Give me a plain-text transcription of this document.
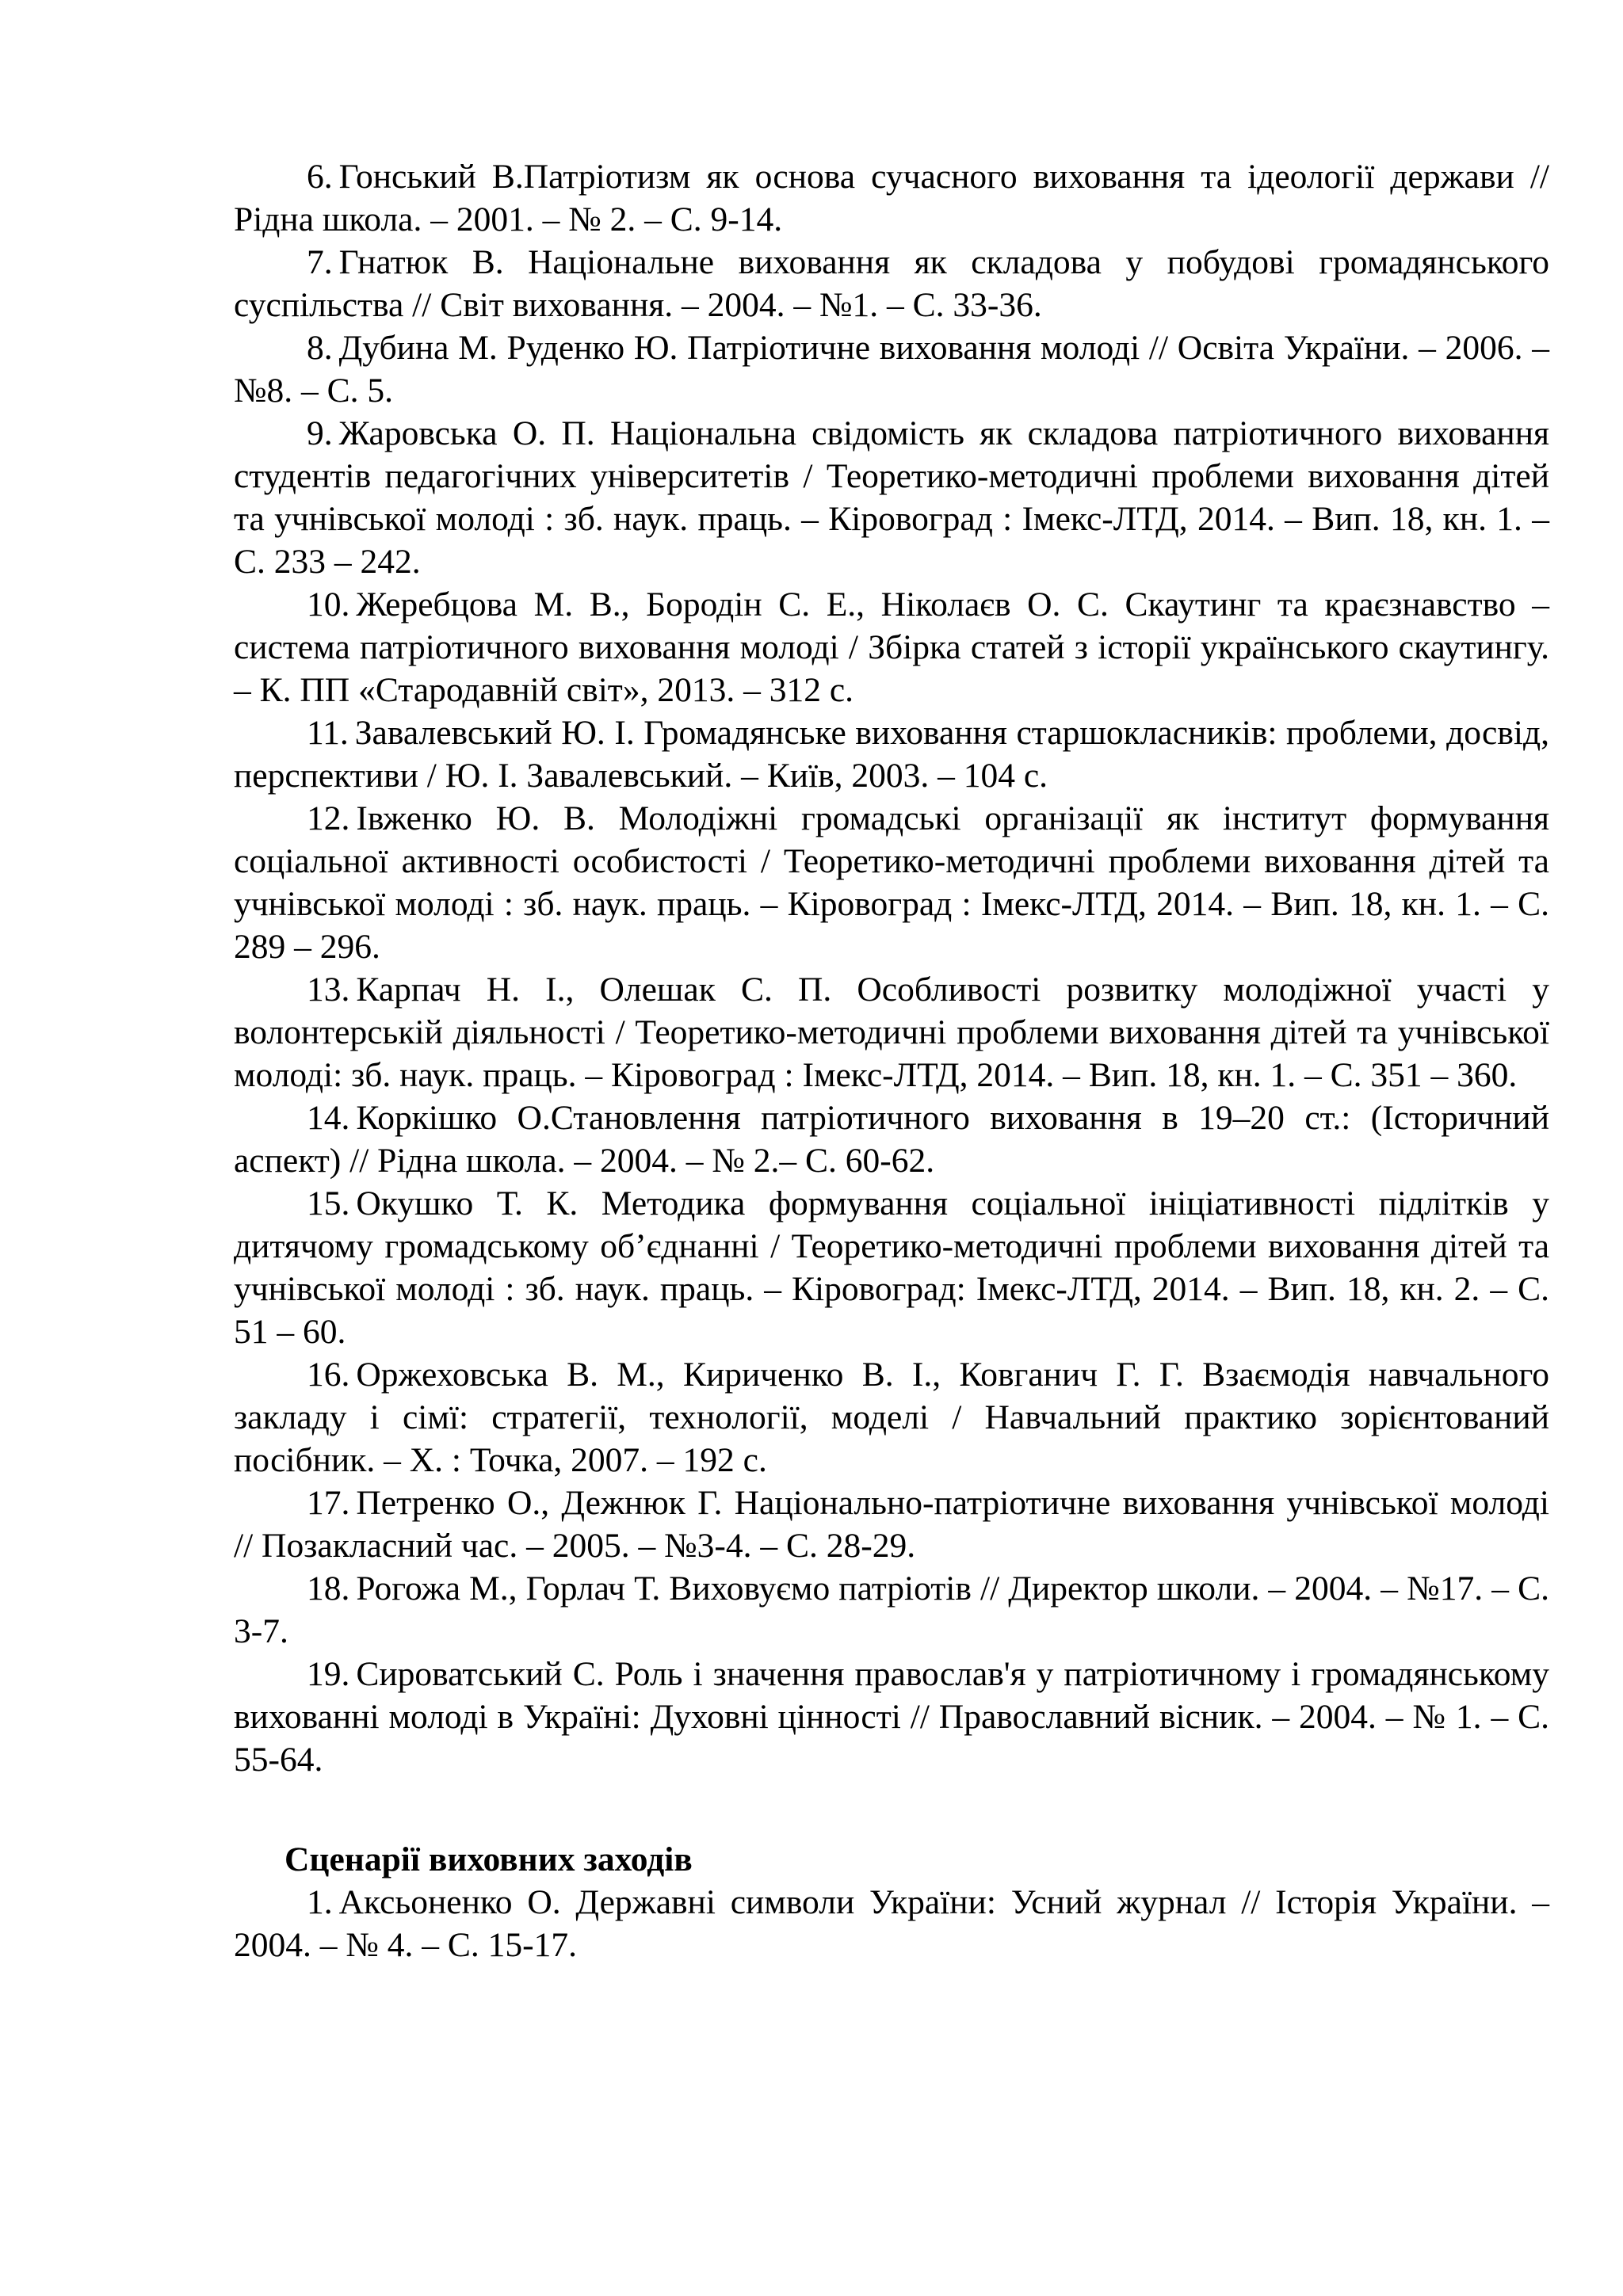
6. Гонський В.Патріотизм як основа сучасного виховання та ідеології держави // Рідна школа. – 2001. – № 2. – С. 9-14.

7. Гнатюк В. Національне виховання як складова у побудові громадянського суспільства // Світ виховання. – 2004. – №1. – С. 33-36.

8. Дубина М. Руденко Ю. Патріотичне виховання молоді // Освіта України. – 2006. – №8. – С. 5.

9. Жаровська О. П. Національна свідомість як складова патріотичного виховання студентів педагогічних університетів / Теоретико-методичні проблеми виховання дітей та учнівської молоді : зб. наук. праць. – Кіровоград : Імекс-ЛТД, 2014. – Вип. 18, кн. 1. – С. 233 – 242.

10. Жеребцова М. В., Бородін С. Е., Ніколаєв О. С. Скаутинг та краєзнавство – система патріотичного виховання молоді / Збірка статей з історії українського скаутингу. – К. ПП «Стародавній світ», 2013. – 312 с.

11. Завалевський Ю. І. Громадянське виховання старшокласників: проблеми, досвід, перспективи / Ю. І. Завалевський. – Київ, 2003. – 104 с.

12. Івженко Ю. В. Молодіжні громадські організації як інститут формування соціальної активності особистості / Теоретико-методичні проблеми виховання дітей та учнівської молоді : зб. наук. праць. – Кіровоград : Імекс-ЛТД, 2014. – Вип. 18, кн. 1. – С. 289 – 296.

13. Карпач Н. І., Олешак С. П. Особливості розвитку молодіжної участі у волонтерській діяльності / Теоретико-методичні проблеми виховання дітей та учнівської молоді: зб. наук. праць. – Кіровоград : Імекс-ЛТД, 2014. – Вип. 18, кн. 1. – С. 351 – 360.

14. Коркішко О.Становлення патріотичного виховання в 19–20 ст.: (Історичний аспект) // Рідна школа. – 2004. – № 2.– С. 60-62.

15. Окушко Т. К. Методика формування соціальної ініціативності підлітків у дитячому громадському об’єднанні / Теоретико-методичні проблеми виховання дітей та учнівської молоді : зб. наук. праць. – Кіровоград: Імекс-ЛТД, 2014. – Вип. 18, кн. 2. – С. 51 – 60.

16. Оржеховська В. М., Кириченко В. І., Ковганич Г. Г. Взаємодія навчального закладу і сімї: стратегії, технології, моделі / Навчальний практико зорієнтований посібник. – Х. : Точка, 2007. – 192 с.

17. Петренко О., Дежнюк Г. Національно-патріотичне виховання учнівської молоді // Позакласний час. – 2005. – №3-4. – С. 28-29.

18. Рогожа М., Горлач Т. Виховуємо патріотів // Директор школи. – 2004. – №17. – С. 3-7.

19. Сироватський С. Роль і значення православ'я у патріотичному і громадянському вихованні молоді в Україні: Духовні цінності // Православний вісник. – 2004. – № 1. – С. 55-64.

Сценарії виховних заходів

1. Аксьоненко О. Державні символи України: Усний журнал // Історія України. – 2004. – № 4. – С. 15-17.
